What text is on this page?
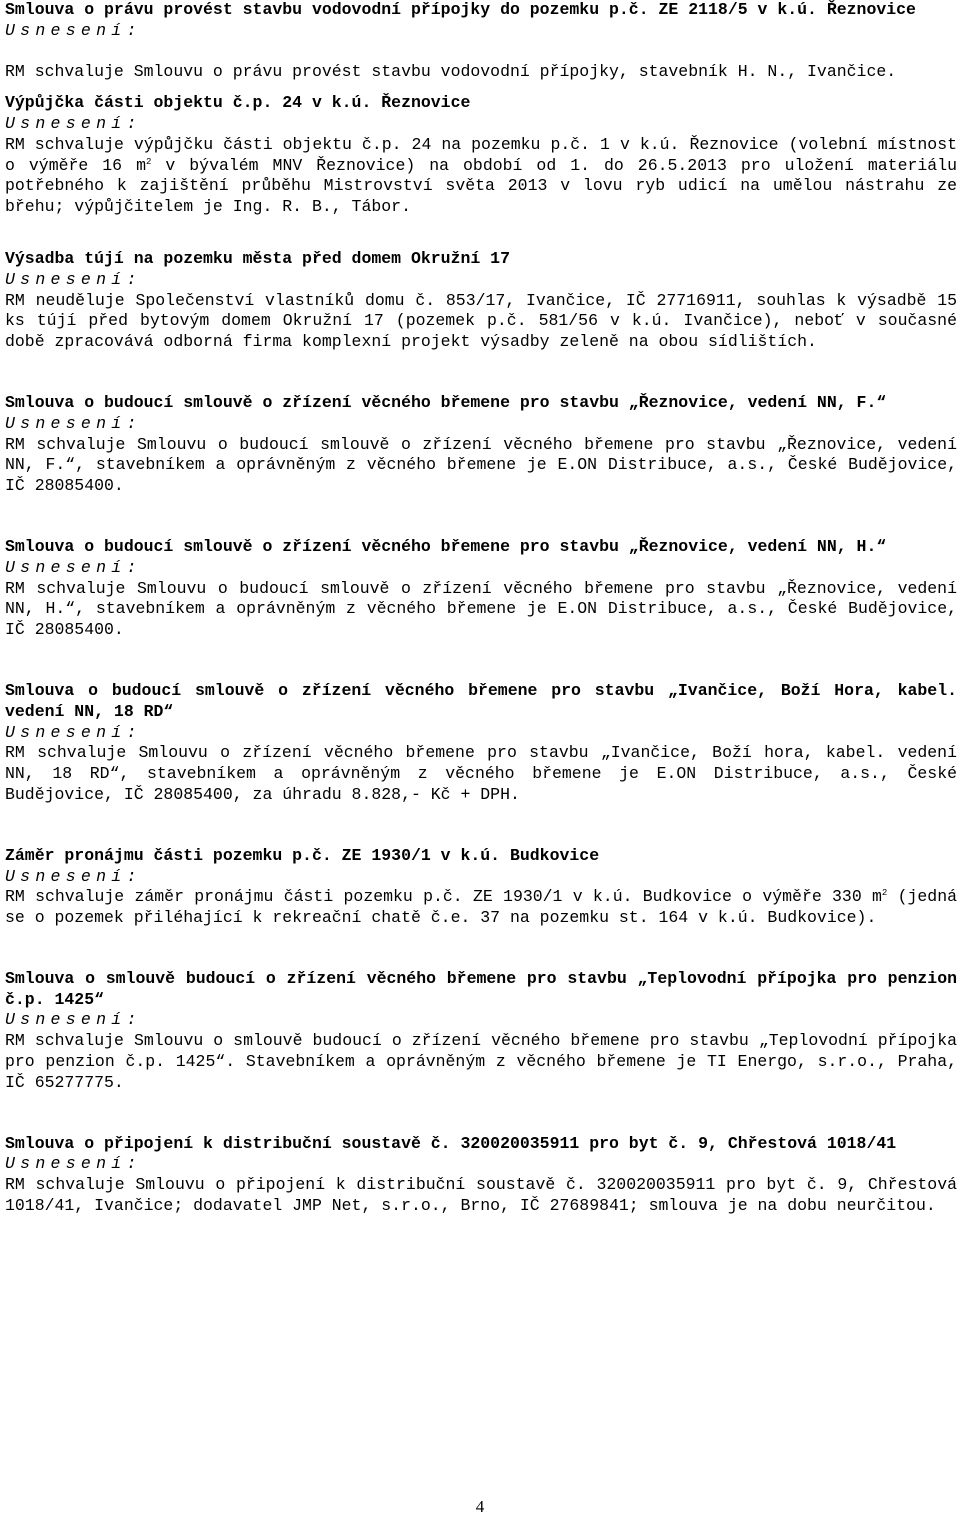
Smlouva o právu provést stavbu vodovodní přípojky do pozemku p.č. ZE 2118/5 v k.ú. Řeznovice

Usnesení:

RM schvaluje Smlouvu o právu provést stavbu vodovodní přípojky, stavebník H. N., Ivančice.

Výpůjčka části objektu č.p. 24 v k.ú. Řeznovice

Usnesení:

RM schvaluje výpůjčku části objektu č.p. 24 na pozemku p.č. 1 v k.ú. Řeznovice (volební místnost o výměře 16 $m^2$ v bývalém MNV Řeznovice) na období od 1. do 26.5.2013 pro uložení materiálu potřebného k zajištění průběhu Mistrovství světa 2013 v lovu ryb udicí na umělou nástrahu ze břehu; výpůjčitelem je Ing. R. B., Tábor.

Výsadba tújí na pozemku města před domem Okružní 17

Usnesení:

RM neuděluje Společenství vlastníků domu č. 853/17, Ivančice, IČ 27716911, souhlas k výsadbě 15 ks tújí před bytovým domem Okružní 17 (pozemek p.č. 581/56 v k.ú. Ivančice), neboť v současné době zpracovává odborná firma komplexní projekt výsadby zeleně na obou sídlištích.

Smlouva o budoucí smlouvě o zřízení věcného břemene pro stavbu „Řeznovice, vedení NN, F.“

Usnesení:

RM schvaluje Smlouvu o budoucí smlouvě o zřízení věcného břemene pro stavbu „Řeznovice, vedení NN, F.“, stavebníkem a oprávněným z věcného břemene je E.ON Distribuce, a.s., České Budějovice, IČ 28085400.

Smlouva o budoucí smlouvě o zřízení věcného břemene pro stavbu „Řeznovice, vedení NN, H.“

Usnesení:

RM schvaluje Smlouvu o budoucí smlouvě o zřízení věcného břemene pro stavbu „Řeznovice, vedení NN, H.“, stavebníkem a oprávněným z věcného břemene je E.ON Distribuce, a.s., České Budějovice, IČ 28085400.

Smlouva o budoucí smlouvě o zřízení věcného břemene pro stavbu „Ivančice, Boží Hora, kabel. vedení NN, 18 RD“

Usnesení:

RM schvaluje Smlouvu o zřízení věcného břemene pro stavbu „Ivančice, Boží hora, kabel. vedení NN, 18 RD“, stavebníkem a oprávněným z věcného břemene je E.ON Distribuce, a.s., České Budějovice, IČ 28085400, za úhradu 8.828,- Kč + DPH.

Záměr pronájmu části pozemku p.č. ZE 1930/1 v k.ú. Budkovice

Usnesení:

RM schvaluje záměr pronájmu části pozemku p.č. ZE 1930/1 v k.ú. Budkovice o výměře 330 $m^2$ (jedná se o pozemek přiléhající k rekreační chatě č.e. 37 na pozemku st. 164 v k.ú. Budkovice).

Smlouva o smlouvě budoucí o zřízení věcného břemene pro stavbu „Teplovodní přípojka pro penzion č.p. 1425“

Usnesení:

RM schvaluje Smlouvu o smlouvě budoucí o zřízení věcného břemene pro stavbu „Teplovodní přípojka pro penzion č.p. 1425“. Stavebníkem a oprávněným z věcného břemene je TI Energo, s.r.o., Praha, IČ 65277775.

Smlouva o připojení k distribuční soustavě č. 320020035911 pro byt č. 9, Chřestová 1018/41

Usnesení:

RM schvaluje Smlouvu o připojení k distribuční soustavě č. 320020035911 pro byt č. 9, Chřestová 1018/41, Ivančice; dodavatel JMP Net, s.r.o., Brno, IČ 27689841; smlouva je na dobu neurčitou.

4
